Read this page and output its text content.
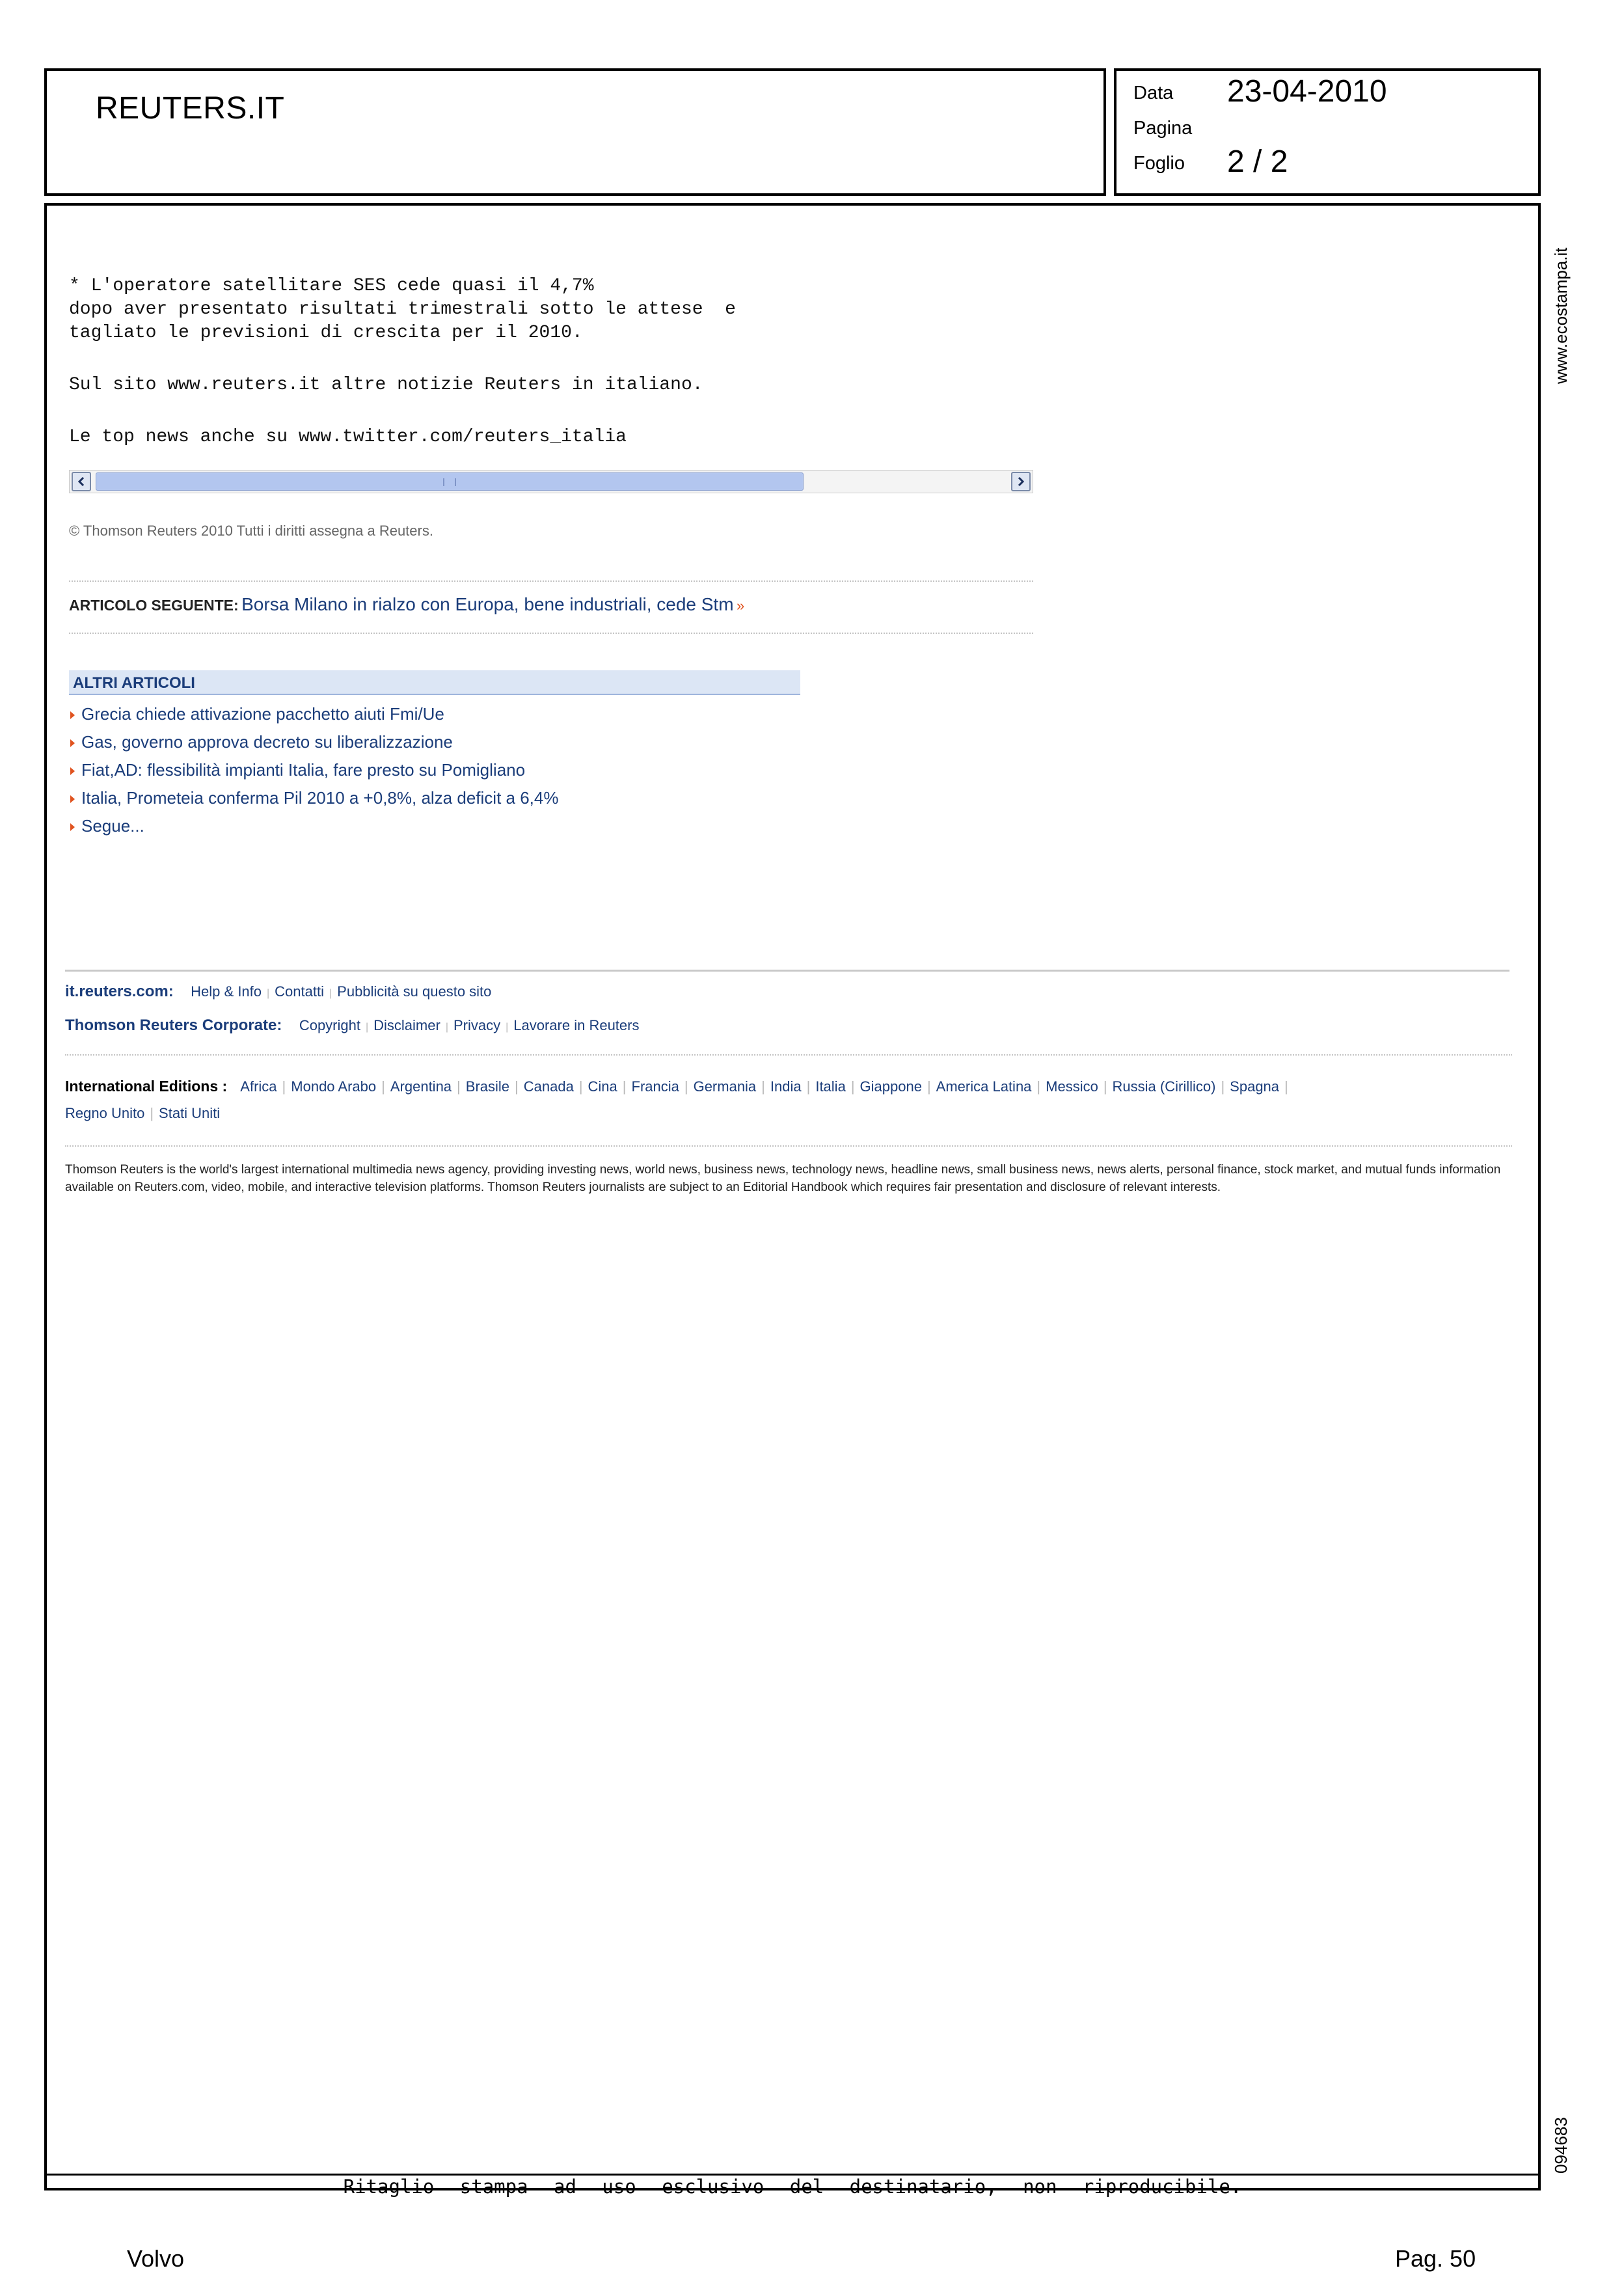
REUTERS.IT	Data 23-04-2010
Pagina
Foglio 2 / 2
Ritaglio stampa ad uso esclusivo del destinatario, non riproducibile.
www.ecostampa.it
094683
* L'operatore satellitare SES cede quasi il 4,7%
dopo aver presentato risultati trimestrali sotto le attese  e
tagliato le previsioni di crescita per il 2010.
Sul sito www.reuters.it altre notizie Reuters in italiano.
Le top news anche su www.twitter.com/reuters_italia
© Thomson Reuters 2010 Tutti i diritti assegna a Reuters.
ARTICOLO SEGUENTE: Borsa Milano in rialzo con Europa, bene industriali, cede Stm »
ALTRI ARTICOLI
Grecia chiede attivazione pacchetto aiuti Fmi/Ue
Gas, governo approva decreto su liberalizzazione
Fiat,AD: flessibilità impianti Italia, fare presto su Pomigliano
Italia, Prometeia conferma Pil 2010 a +0,8%, alza deficit a 6,4%
Segue...
it.reuters.com: Help & Info | Contatti | Pubblicità su questo sito
Thomson Reuters Corporate: Copyright | Disclaimer | Privacy | Lavorare in Reuters
International Editions : Africa | Mondo Arabo | Argentina | Brasile | Canada | Cina | Francia | Germania | India | Italia | Giappone | America Latina | Messico | Russia (Cirillico) | Spagna |
Regno Unito | Stati Uniti
Thomson Reuters is the world's largest international multimedia news agency, providing investing news, world news, business news, technology news, headline news, small business news, news alerts, personal finance, stock market, and mutual funds information available on Reuters.com, video, mobile, and interactive television platforms. Thomson Reuters journalists are subject to an Editorial Handbook which requires fair presentation and disclosure of relevant interests.
Volvo	Pag. 50
